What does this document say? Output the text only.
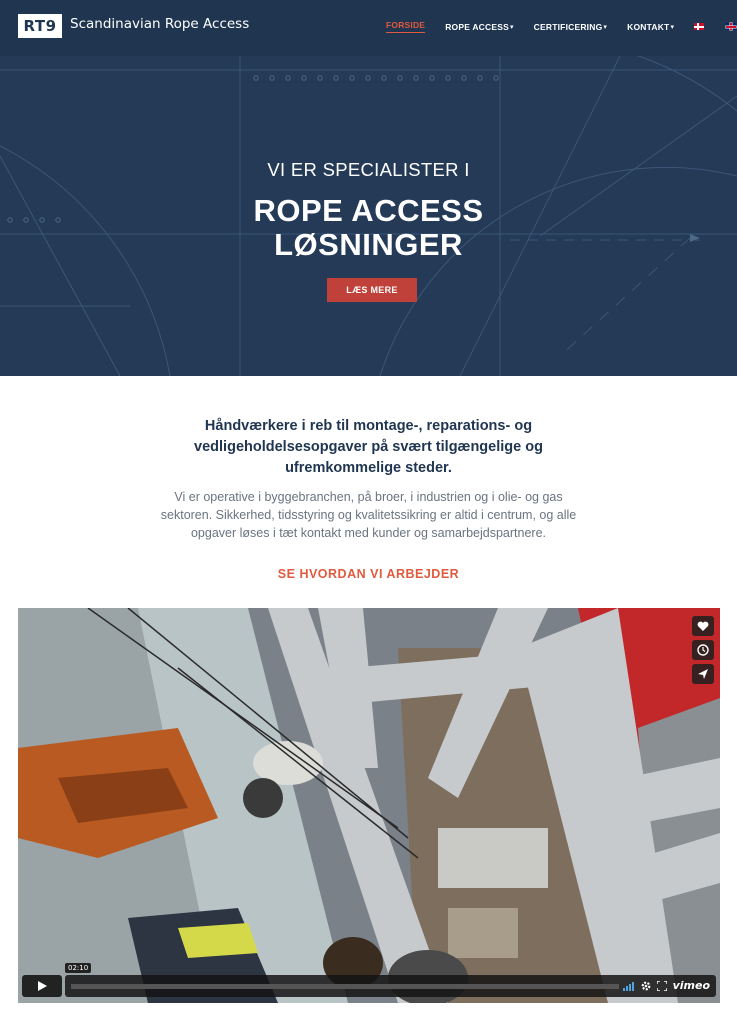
RT9 Scandinavian Rope Access	FORSIDE ROPE ACCESS ▾ CERTIFICERING ▾ KONTAKT ▾
VI ER SPECIALISTER I
ROPE ACCESS
LØSNINGER
LÆS MERE
Håndværkere i reb til montage-, reparations- og vedligeholdelsesopgaver på svært tilgængelige og ufremkommelige steder.
Vi er operative i byggebranchen, på broer, i industrien og i olie- og gas sektoren. Sikkerhed, tidsstyring og kvalitetssikring er altid i centrum, og alle opgaver løses i tæt kontakt med kunder og samarbejdspartnere.
SE HVORDAN VI ARBEJDER
02:10
vimeo
